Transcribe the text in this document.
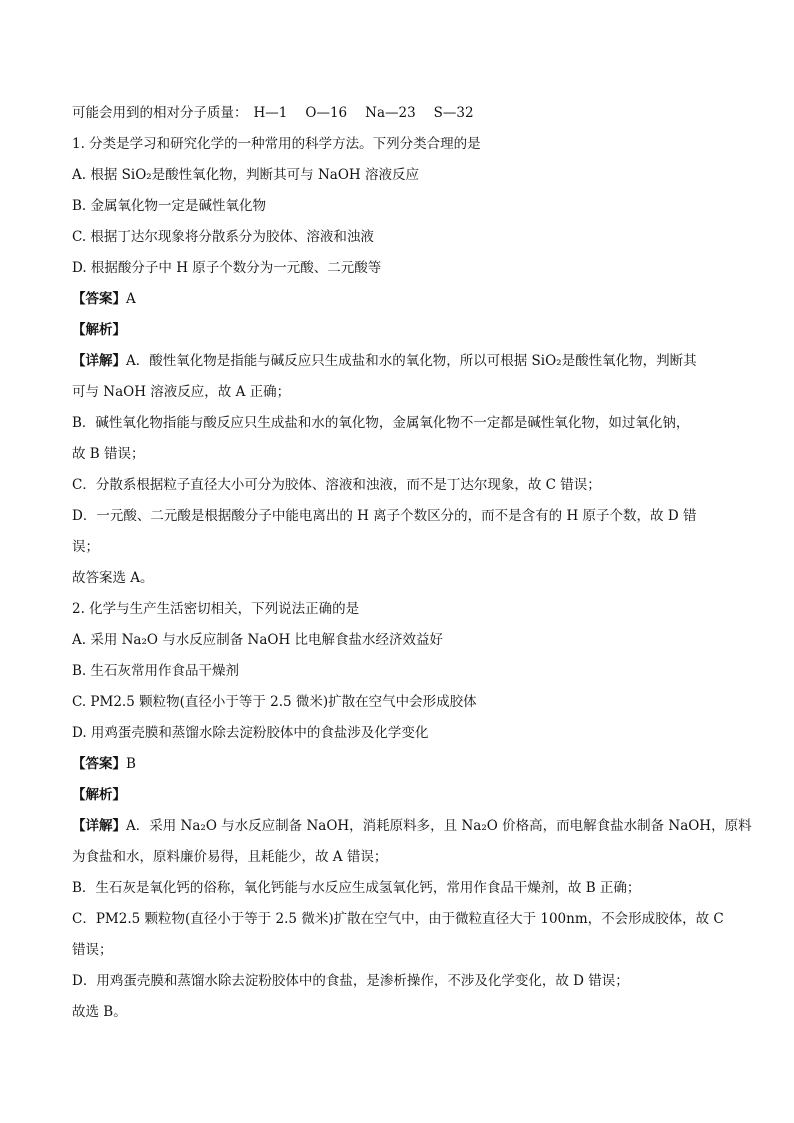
可能会用到的相对分子质量： H—1 O—16 Na—23 S—32
1. 分类是学习和研究化学的一种常用的科学方法。下列分类合理的是
A. 根据 SiO₂是酸性氧化物，判断其可与 NaOH 溶液反应
B. 金属氧化物一定是碱性氧化物
C. 根据丁达尔现象将分散系分为胶体、溶液和浊液
D. 根据酸分子中 H 原子个数分为一元酸、二元酸等
【答案】A
【解析】
【详解】A．酸性氧化物是指能与碱反应只生成盐和水的氧化物，所以可根据 SiO₂是酸性氧化物，判断其
可与 NaOH 溶液反应，故 A 正确；
B．碱性氧化物指能与酸反应只生成盐和水的氧化物，金属氧化物不一定都是碱性氧化物，如过氧化钠，
故 B 错误；
C．分散系根据粒子直径大小可分为胶体、溶液和浊液，而不是丁达尔现象，故 C 错误；
D．一元酸、二元酸是根据酸分子中能电离出的 H 离子个数区分的，而不是含有的 H 原子个数，故 D 错
误；
故答案选 A。
2. 化学与生产生活密切相关，下列说法正确的是
A. 采用 Na₂O 与水反应制备 NaOH 比电解食盐水经济效益好
B. 生石灰常用作食品干燥剂
C. PM2.5 颗粒物(直径小于等于 2.5 微米)扩散在空气中会形成胶体
D. 用鸡蛋壳膜和蒸馏水除去淀粉胶体中的食盐涉及化学变化
【答案】B
【解析】
【详解】A．采用 Na₂O 与水反应制备 NaOH，消耗原料多，且 Na₂O 价格高，而电解食盐水制备 NaOH，原料
为食盐和水，原料廉价易得，且耗能少，故 A 错误；
B．生石灰是氧化钙的俗称，氧化钙能与水反应生成氢氧化钙，常用作食品干燥剂，故 B 正确；
C．PM2.5 颗粒物(直径小于等于 2.5 微米)扩散在空气中，由于微粒直径大于 100nm，不会形成胶体，故 C
错误；
D．用鸡蛋壳膜和蒸馏水除去淀粉胶体中的食盐，是渗析操作，不涉及化学变化，故 D 错误；
故选 B。
